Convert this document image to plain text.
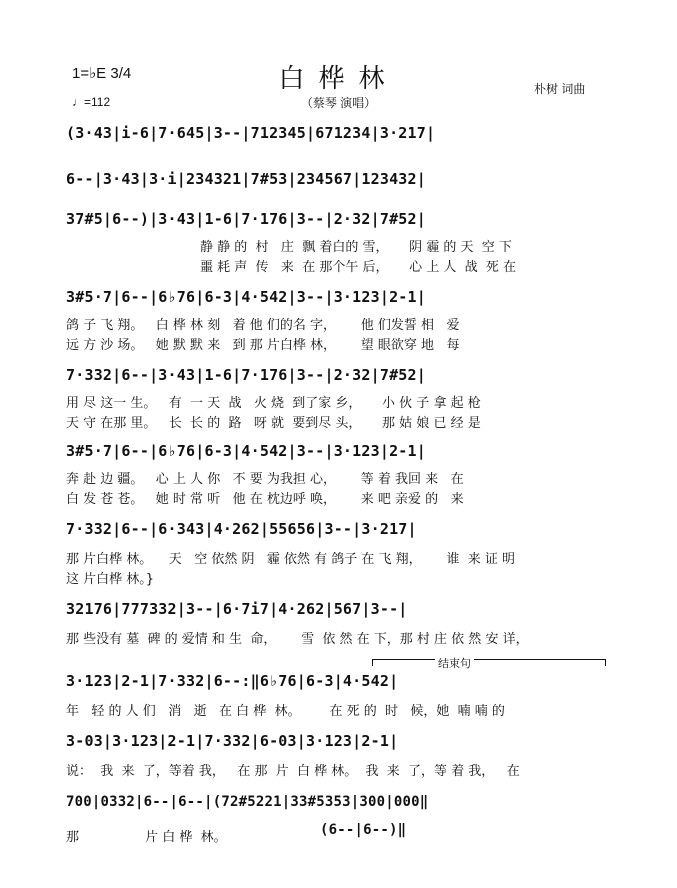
1=♭E 3/4
♩=112
白桦林
（蔡琴 演唱）
朴树 词曲
(3·43|i-6|7·645|3--|712345|671234|3·217|
6--|3·43|3·i|234321|7#53|234567|123432|
37#5|6--)|3·43|1-6|7·176|3--|2·32|7#52|
静 静 的  村   庄  飘 着白的 雪，     阴 霾 的 天  空 下
噩 耗 声  传   来  在 那个午 后，     心 上 人  战  死 在
3#5·7|6--|6♭76|6-3|4·542|3--|3·123|2-1|
鸽 子 飞 翔。   白 桦 林 刻   着 他 们的名 字，      他 们发誓 相   爱
远 方 沙 场。   她 默 默 来   到 那 片白桦 林，      望 眼欲穿 地   每
7·332|6--|3·43|1-6|7·176|3--|2·32|7#52|
用 尽 这一 生。   有  一 天  战   火 烧  到了家 乡，     小 伙 子 拿 起 枪
天 守 在那 里。   长  长 的  路   呀 就  要到尽 头，     那 姑 娘 已 经 是
3#5·7|6--|6♭76|6-3|4·542|3--|3·123|2-1|
奔 赴 边 疆。   心 上 人 你   不 要 为我担 心，      等 着 我回 来   在
白 发 苍 苍。   她 时 常 听   他 在 枕边呼 唤，      来 吧 亲爱 的   来
7·332|6--|6·343|4·262|55656|3--|3·217|
那 片白桦 林。    天   空 依然 阴   霾 依然 有 鸽子 在 飞 翔，      谁  来 证 明
这 片白桦 林。}
32176|777332|3--|6·7i7|4·262|567|3--|
那 些没有 墓  碑 的 爱情 和 生  命，      雪  依 然 在 下，那 村 庄 依 然 安 详，
结束句
3·123|2-1|7·332|6--:‖6♭76|6-3|4·542|
年   轻 的 人 们   消   逝   在 白 桦  林。       在 死 的  时   候，她  喃 喃 的
3-03|3·123|2-1|7·332|6-03|3·123|2-1|
说：  我  来  了，等着 我，   在 那  片  白 桦 林。  我  来  了，等 着 我，   在
700|0332|6--|6--|(72#5221|33#5353|300|000‖
那                片 白 桦  林。	(6--|6--)‖
